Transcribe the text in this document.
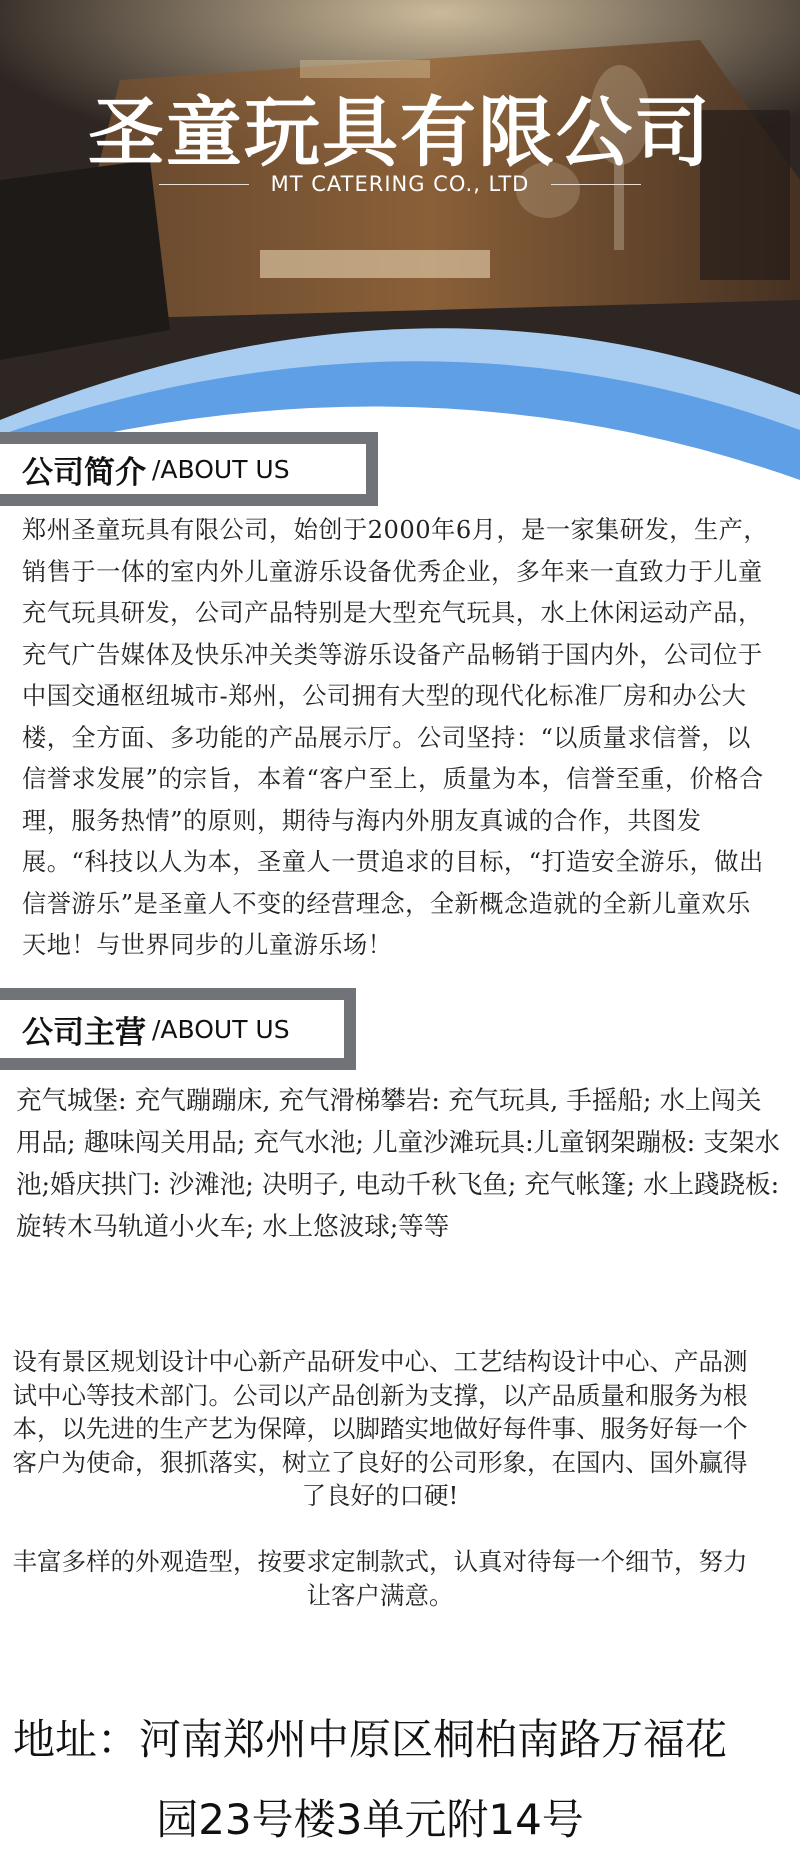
圣童玩具有限公司
MT CATERING CO., LTD
公司简介 /ABOUT US

郑州圣童玩具有限公司，始创于2000年6月，是一家集研发，生产，销售于一体的室内外儿童游乐设备优秀企业，多年来一直致力于儿童充气玩具研发，公司产品特别是大型充气玩具，水上休闲运动产品，充气广告媒体及快乐冲关类等游乐设备产品畅销于国内外，公司位于中国交通枢纽城市-郑州，公司拥有大型的现代化标准厂房和办公大楼，全方面、多功能的产品展示厅。公司坚持：“以质量求信誉，以信誉求发展”的宗旨，本着“客户至上，质量为本，信誉至重，价格合理，服务热情”的原则，期待与海内外朋友真诚的合作，共图发展。“科技以人为本，圣童人一贯追求的目标，“打造安全游乐，做出信誉游乐”是圣童人不变的经营理念，全新概念造就的全新儿童欢乐天地！与世界同步的儿童游乐场！

公司主营 /ABOUT US

充气城堡: 充气蹦蹦床, 充气滑梯攀岩: 充气玩具, 手摇船; 水上闯关用品; 趣味闯关用品; 充气水池; 儿童沙滩玩具:儿童钢架蹦极: 支架水池;婚庆拱门: 沙滩池; 决明子, 电动千秋飞鱼; 充气帐篷; 水上踐跷板: 旋转木马轨道小火车; 水上悠波球;等等

设有景区规划设计中心新产品研发中心、工艺结构设计中心、产品测试中心等技术部门。公司以产品创新为支撑，以产品质量和服务为根本，以先进的生产艺为保障，以脚踏实地做好每件事、服务好每一个客户为使命，狠抓落实，树立了良好的公司形象，在国内、国外赢得了良好的口硬!

丰富多样的外观造型，按要求定制款式，认真对待每一个细节，努力让客户满意。

地址：河南郑州中原区桐柏南路万福花园23号楼3单元附14号
